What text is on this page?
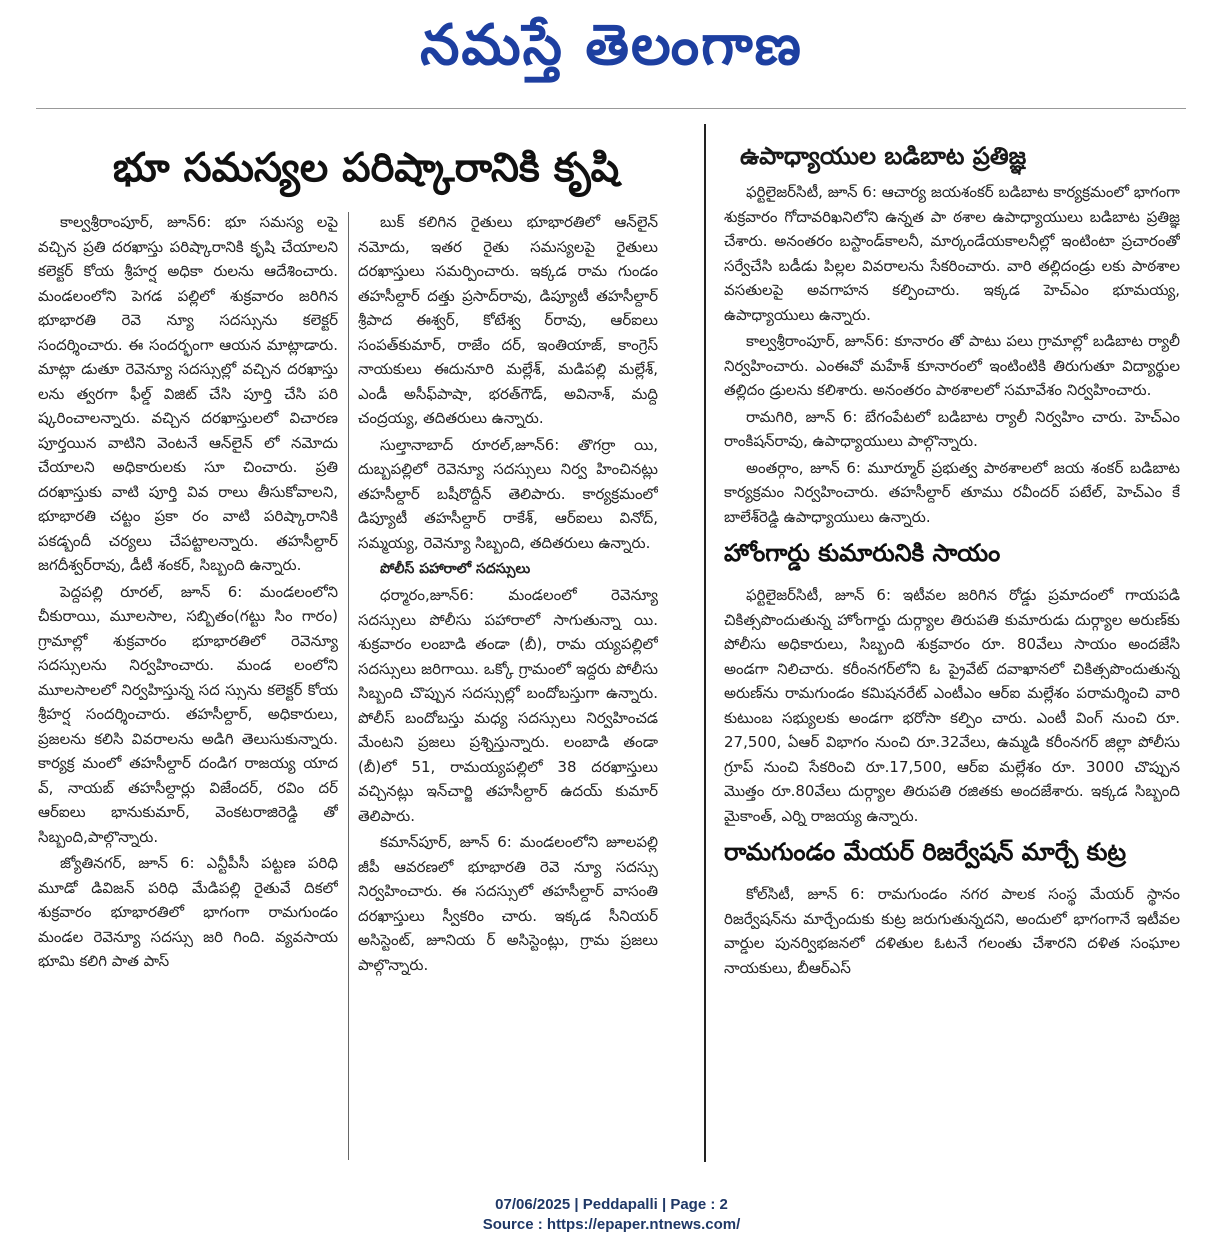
నమస్తే తెలంగాణ
భూ సమస్యల పరిష్కారానికి కృషి

కాల్వశ్రీరాంపూర్, జూన్6: భూ సమస్య లపై వచ్చిన ప్రతి దరఖాస్తు పరిష్కారానికి కృషి చేయాలని కలెక్టర్ కోయ శ్రీహర్ష అధికా రులను ఆదేశించారు. మండలంలోని పెగడ పల్లిలో శుక్రవారం జరిగిన భూభారతి రెవె న్యూ సదస్సును కలెక్టర్ సందర్శించారు. ఈ సందర్భంగా ఆయన మాట్లాడారు. మాట్లా డుతూ రెవెన్యూ సదస్సుల్లో వచ్చిన దరఖాస్తు లను త్వరగా ఫీల్డ్ విజిట్ చేసి పూర్తి చేసి పరి ష్కరించాలన్నారు. వచ్చిన దరఖాస్తులలో విచారణ పూర్తయిన వాటిని వెంటనే ఆన్‌లైన్ లో నమోదు చేయాలని అధికారులకు సూ చించారు. ప్రతి దరఖాస్తుకు వాటి పూర్తి వివ రాలు తీసుకోవాలని, భూభారతి చట్టం ప్రకా రం వాటి పరిష్కారానికి పకడ్బందీ చర్యలు చేపట్టాలన్నారు. తహసీల్దార్ జగదీశ్వర్‌రావు, డీటీ శంకర్, సిబ్బంది ఉన్నారు.

పెద్దపల్లి రూరల్, జూన్ 6: మండలంలోని చీకురాయి, మూలసాల, సబ్బితం(గట్టు సిం గారం) గ్రామాల్లో శుక్రవారం భూభారతిలో రెవెన్యూ సదస్సులను నిర్వహించారు. మండ లంలోని మూలసాలలో నిర్వహిస్తున్న సద స్సును కలెక్టర్ కోయ శ్రీహర్ష సందర్శించారు. తహసీల్దార్, అధికారులు, ప్రజలను కలిసి వివరాలను అడిగి తెలుసుకున్నారు. కార్యక్ర మంలో తహసీల్దార్ దండిగ రాజయ్య యాద వ్, నాయబ్ తహసీల్దార్లు విజేందర్, రవిం దర్ ఆర్‌ఐలు భానుకుమార్, వెంకటరాజిరెడ్డి తో సిబ్బంది,పాల్గొన్నారు.

జ్యోతినగర్, జూన్ 6: ఎన్టీపీసీ పట్టణ పరిధి మూడో డివిజన్ పరిధి మేడిపల్లి రైతువే దికలో శుక్రవారం భూభారతిలో భాగంగా రామగుండం మండల రెవెన్యూ సదస్సు జరి గింది. వ్యవసాయ భూమి కలిగి పాత పాస్

బుక్ కలిగిన రైతులు భూభారతిలో ఆన్‌లైన్ నమోదు, ఇతర రైతు సమస్యలపై రైతులు దరఖాస్తులు సమర్పించారు. ఇక్కడ రామ గుండం తహసీల్దార్ దత్తు ప్రసాద్‌రావు, డిప్యూటీ తహసీల్దార్ శ్రీపాద ఈశ్వర్, కోటేశ్వ ర్‌రావు, ఆర్‌ఐలు సంపత్‌కుమార్, రాజేం దర్, ఇంతియాజ్, కాంగ్రెస్ నాయకులు ఈదునూరి మల్లేశ్, మడిపల్లి మల్లేశ్, ఎండీ అసీఫ్‌పాషా, భరత్‌గౌడ్, అవినాశ్, మద్ది చంద్రయ్య, తదితరులు ఉన్నారు.

సుల్తానాబాద్ రూరల్,జూన్6: తొగర్రా యి, దుబ్బపల్లిలో రెవెన్యూ సదస్సులు నిర్వ హించినట్లు తహసీల్దార్ బషీరొద్దీన్ తెలిపారు. కార్యక్రమంలో డిప్యూటీ తహసీల్దార్ రాకేశ్, ఆర్‌ఐలు వినోద్, సమ్మయ్య, రెవెన్యూ సిబ్బంది, తదితరులు ఉన్నారు.

పోలీస్ పహారాలో సదస్సులు

ధర్మారం,జూన్6: మండలంలో రెవెన్యూ సదస్సులు పోలీసు పహారాలో సాగుతున్నా యి. శుక్రవారం లంబాడి తండా (బీ), రామ య్యపల్లిలో సదస్సులు జరిగాయి. ఒక్కో గ్రామంలో ఇద్దరు పోలీసు సిబ్బంది చొప్పున సదస్సుల్లో బందోబస్తుగా ఉన్నారు. పోలీస్ బందోబస్తు మధ్య సదస్సులు నిర్వహించడ మేంటని ప్రజలు ప్రశ్నిస్తున్నారు. లంబాడి తండా (బీ)లో 51, రామయ్యపల్లిలో 38 దరఖాస్తులు వచ్చినట్లు ఇన్‌చార్జి తహసీల్దార్ ఉదయ్ కుమార్ తెలిపారు.

కమాన్‌పూర్, జూన్ 6: మండలంలోని జూలపల్లి జీపీ ఆవరణలో భూభారతి రెవె న్యూ సదస్సు నిర్వహించారు. ఈ సదస్సులో తహసీల్దార్ వాసంతి దరఖాస్తులు స్వీకరిం చారు. ఇక్కడ సీనియర్ అసిస్టెంట్, జూనియ ర్ అసిస్టెంట్లు, గ్రామ ప్రజలు పాల్గొన్నారు.

ఉపాధ్యాయుల బడిబాట ప్రతిజ్ఞ

ఫర్టిలైజర్‌సిటీ, జూన్ 6: ఆచార్య జయశంకర్ బడిబాట కార్యక్రమంలో భాగంగా శుక్రవారం గోదావరిఖనిలోని ఉన్నత పా ఠశాల ఉపాధ్యాయులు బడిబాట ప్రతిజ్ఞ చేశారు. అనంతరం బస్టాండ్‌కాలనీ, మార్కండేయకాలనీల్లో ఇంటింటా ప్రచారంతో సర్వేచేసి బడీడు పిల్లల వివరాలను సేకరించారు. వారి తల్లిదండ్రు లకు పాఠశాల వసతులపై అవగాహన కల్పించారు. ఇక్కడ హెచ్‌ఎం భూమయ్య, ఉపాధ్యాయులు ఉన్నారు.

కాల్వశ్రీరాంపూర్, జూన్6: కూనారం తో పాటు పలు గ్రామాల్లో బడిబాట ర్యాలీ నిర్వహించారు. ఎంఈవో మహేశ్ కూనారంలో ఇంటింటికి తిరుగుతూ విద్యార్థుల తల్లిదం డ్రులను కలిశారు. అనంతరం పాఠశాలలో సమావేశం నిర్వహించారు.

రామగిరి, జూన్ 6: బేగంపేటలో బడిబాట ర్యాలీ నిర్వహిం చారు. హెచ్‌ఎం రాంకిషన్‌రావు, ఉపాధ్యాయులు పాల్గొన్నారు.

అంతర్గాం, జూన్ 6: మూర్మూర్ ప్రభుత్వ పాఠశాలలో జయ శంకర్ బడిబాట కార్యక్రమం నిర్వహించారు. తహసీల్దార్ తూము రవీందర్ పటేల్, హెచ్‌ఎం కే బాలేశ్‌రెడ్డి ఉపాధ్యాయులు ఉన్నారు.

హోంగార్డు కుమారునికి సాయం

ఫర్టిలైజర్‌సిటీ, జూన్ 6: ఇటీవల జరిగిన రోడ్డు ప్రమాదంలో గాయపడి చికిత్సపొందుతున్న హోంగార్డు దుర్గ్యాల తిరుపతి కుమారుడు దుర్గ్యాల అరుణ్‌కు పోలీసు అధికారులు, సిబ్బంది శుక్రవారం రూ. 80వేలు సాయం అందజేసి అండగా నిలిచారు. కరీంనగర్‌లోని ఓ ప్రైవేట్ దవాఖానలో చికిత్సపొందుతున్న అరుణ్‌ను రామగుండం కమిషనరేట్ ఎంటీఎం ఆర్‌ఐ మల్లేశం పరామర్శించి వారి కుటుంబ సభ్యులకు అండగా భరోసా కల్పిం చారు. ఎంటీ వింగ్ నుంచి రూ. 27,500, ఏఆర్ విభాగం నుంచి రూ.32వేలు, ఉమ్మడి కరీంనగర్ జిల్లా పోలీసు గ్రూప్ నుంచి సేకరించి రూ.17,500, ఆర్‌ఐ మల్లేశం రూ. 3000 చొప్పున మొత్తం రూ.80వేలు దుర్గ్యాల తిరుపతి రజితకు అందజేశారు. ఇక్కడ సిబ్బంది మైకాంత్, ఎర్ని రాజయ్య ఉన్నారు.

రామగుండం మేయర్ రిజర్వేషన్ మార్చే కుట్ర

కోల్‌సిటీ, జూన్ 6: రామగుండం నగర పాలక సంస్థ మేయర్ స్థానం రిజర్వేషన్‌ను మార్చేందుకు కుట్ర జరుగుతున్నదని, అందులో భాగంగానే ఇటీవల వార్డుల పునర్విభజనలో దళితుల ఓటనే గలంతు చేశారని దళిత సంఘాల నాయకులు, బీఆర్‌ఎస్

07/06/2025 | Peddapalli | Page : 2
Source : https://epaper.ntnews.com/
